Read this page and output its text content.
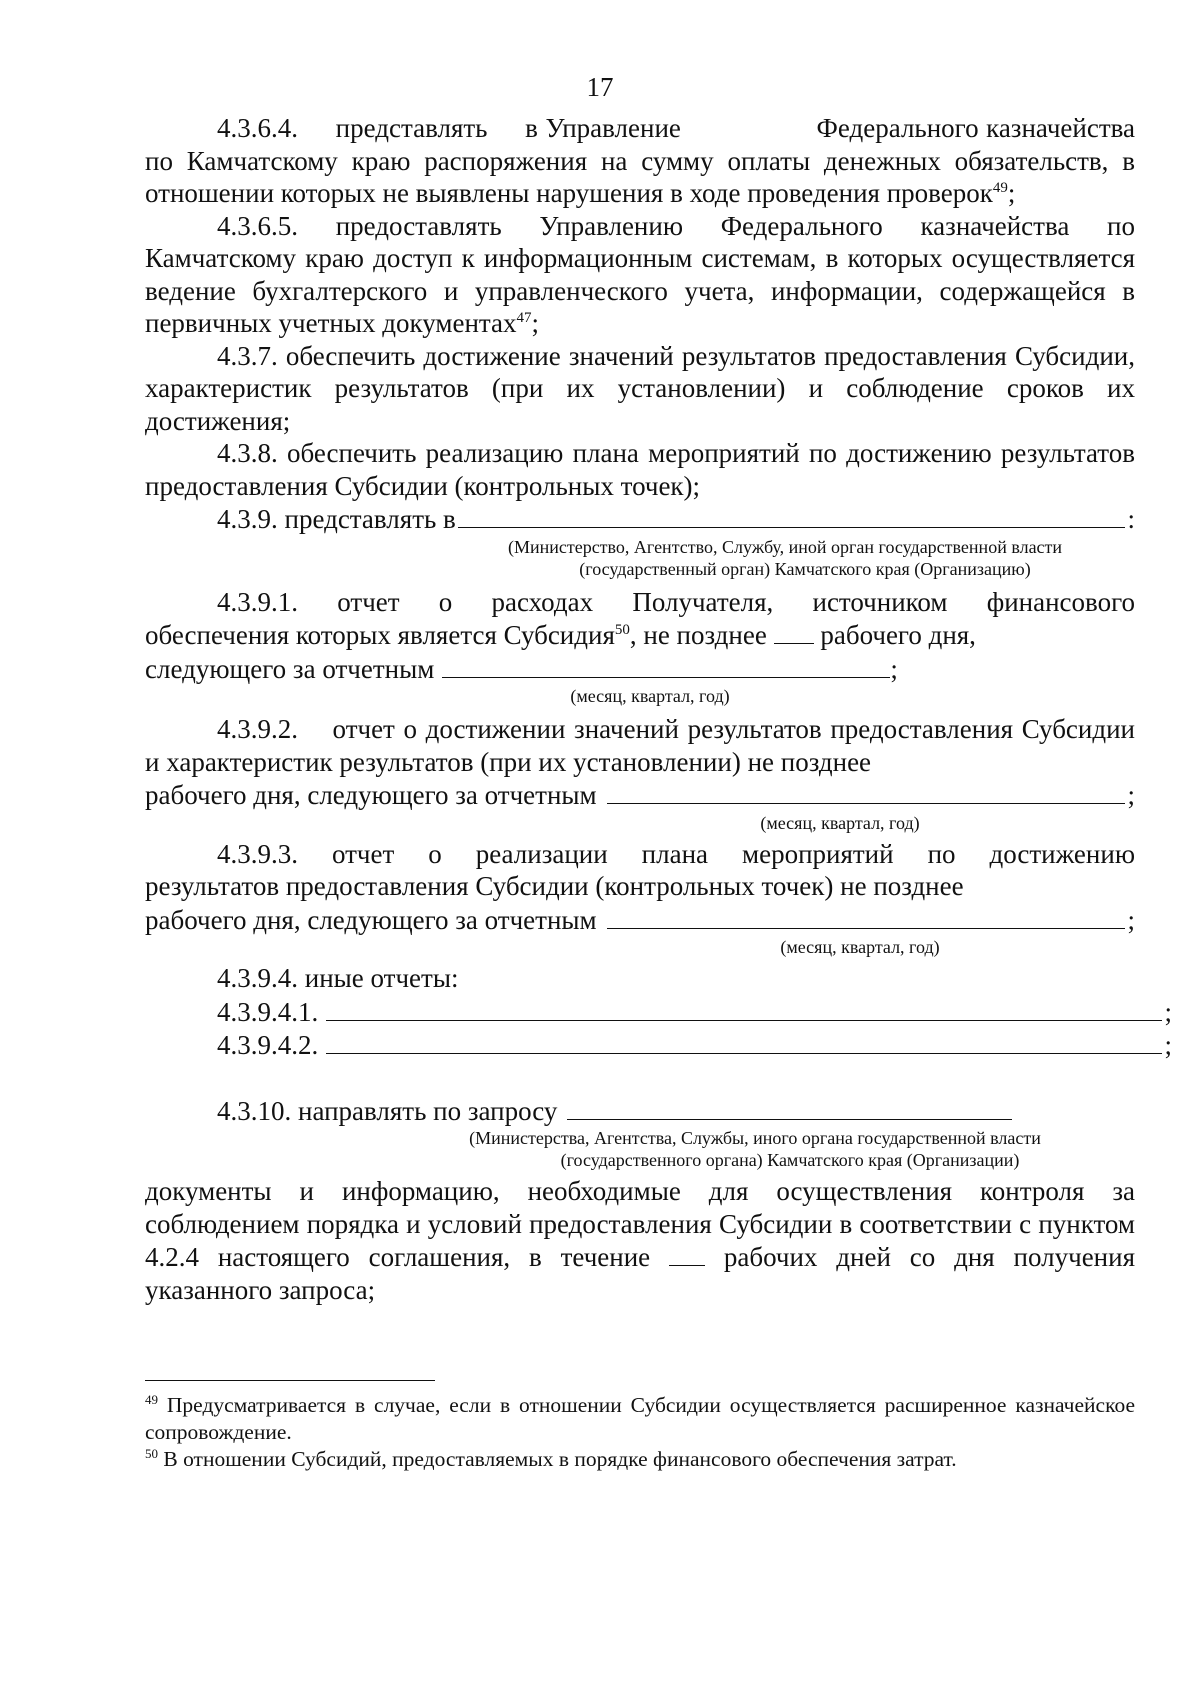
17

4.3.6.4.     представлять     в Управление                  Федерального казначейства по Камчатскому краю распоряжения на сумму оплаты денежных обязательств, в отношении которых не выявлены нарушения в ходе проведения проверок$^{49}$;

4.3.6.5. предоставлять Управлению Федерального казначейства по Камчатскому краю доступ к информационным системам, в которых осуществляется ведение бухгалтерского и управленческого учета, информации, содержащейся в первичных учетных документах$^{47}$;

4.3.7. обеспечить достижение значений результатов предоставления Субсидии, характеристик результатов (при их установлении) и соблюдение сроков их достижения;

4.3.8. обеспечить реализацию плана мероприятий по достижению результатов предоставления Субсидии (контрольных точек);

4.3.9. представлять в	:
(Министерство, Агентство, Службу, иной орган государственной власти
(государственный орган) Камчатского края (Организацию)

4.3.9.1.   отчет   о   расходах   Получателя,   источником   финансового обеспечения которых является Субсидия$^{50}$, не позднее рабочего дня,

следующего за отчетным	;
(месяц, квартал, год)

4.3.9.2.    отчет о достижении значений результатов предоставления Субсидии и характеристик результатов (при их установлении) не позднее

рабочего дня, следующего за отчетным	;
(месяц, квартал, год)

4.3.9.3.   отчет   о   реализации   плана   мероприятий   по   достижению результатов предоставления Субсидии (контрольных точек) не позднее

рабочего дня, следующего за отчетным	;
(месяц, квартал, год)

4.3.9.4. иные отчеты:

4.3.9.4.1.	;
4.3.9.4.2.	;
4.3.10. направлять по запросу
(Министерства, Агентства, Службы, иного органа государственной власти
(государственного органа) Камчатского края (Организации)

документы и информацию, необходимые для осуществления контроля за соблюдением порядка и условий предоставления Субсидии в соответствии с пунктом 4.2.4 настоящего соглашения, в течение	рабочих дней со дня получения указанного запроса;

$^{49}$ Предусматривается в случае, если в отношении Субсидии осуществляется расширенное казначейское сопровождение.

$^{50}$ В отношении Субсидий, предоставляемых в порядке финансового обеспечения затрат.
